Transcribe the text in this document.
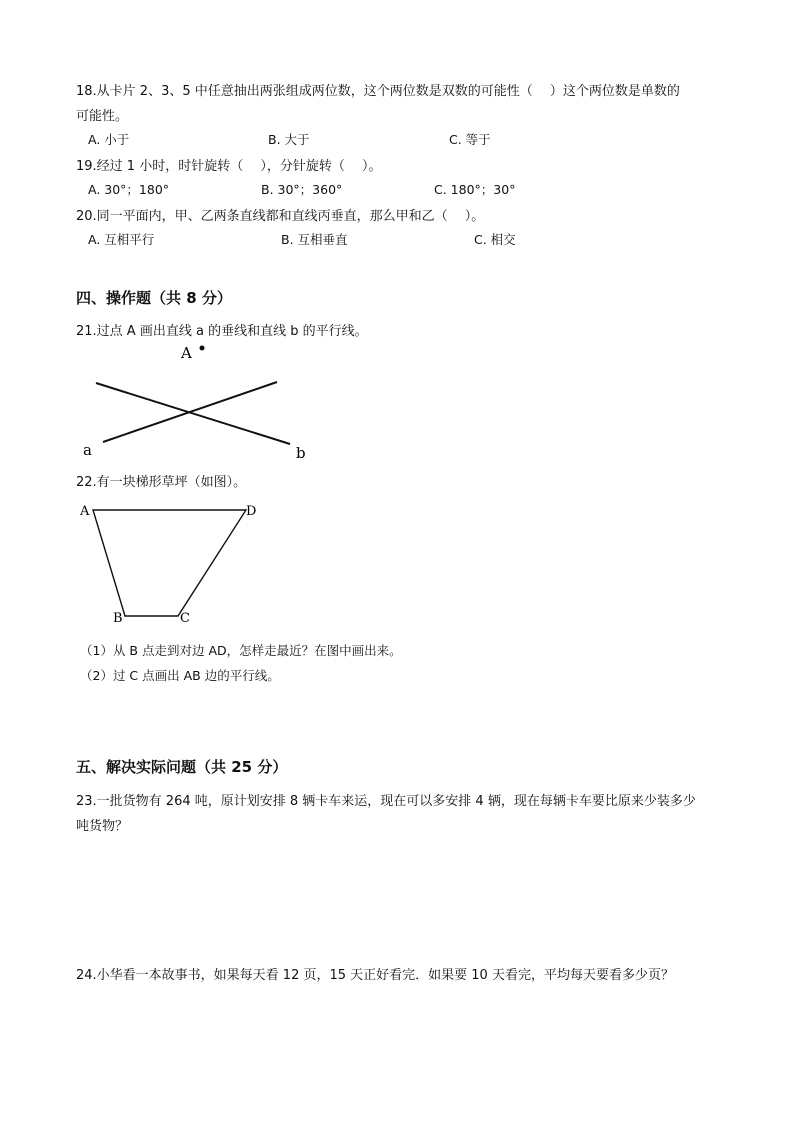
18.从卡片 2、3、5 中任意抽出两张组成两位数，这个两位数是双数的可能性（　 ）这个两位数是单数的
可能性。
A. 小于	B. 大于	C. 等于
19.经过 1 小时，时针旋转（　 ），分针旋转（　 ）。
A. 30°；180°	B. 30°；360°	C. 180°；30°
20.同一平面内，甲、乙两条直线都和直线丙垂直，那么甲和乙（　 ）。
A. 互相平行	B. 互相垂直	C. 相交
四、操作题（共 8 分）
21.过点 A 画出直线 a 的垂线和直线 b 的平行线。
A
a	b
22.有一块梯形草坪（如图）。
A	D
B	C
（1）从 B 点走到对边 AD，怎样走最近？在图中画出来。
（2）过 C 点画出 AB 边的平行线。
五、解决实际问题（共 25 分）
23.一批货物有 264 吨，原计划安排 8 辆卡车来运，现在可以多安排 4 辆，现在每辆卡车要比原来少装多少
吨货物？
24.小华看一本故事书，如果每天看 12 页，15 天正好看完．如果要 10 天看完，平均每天要看多少页？
